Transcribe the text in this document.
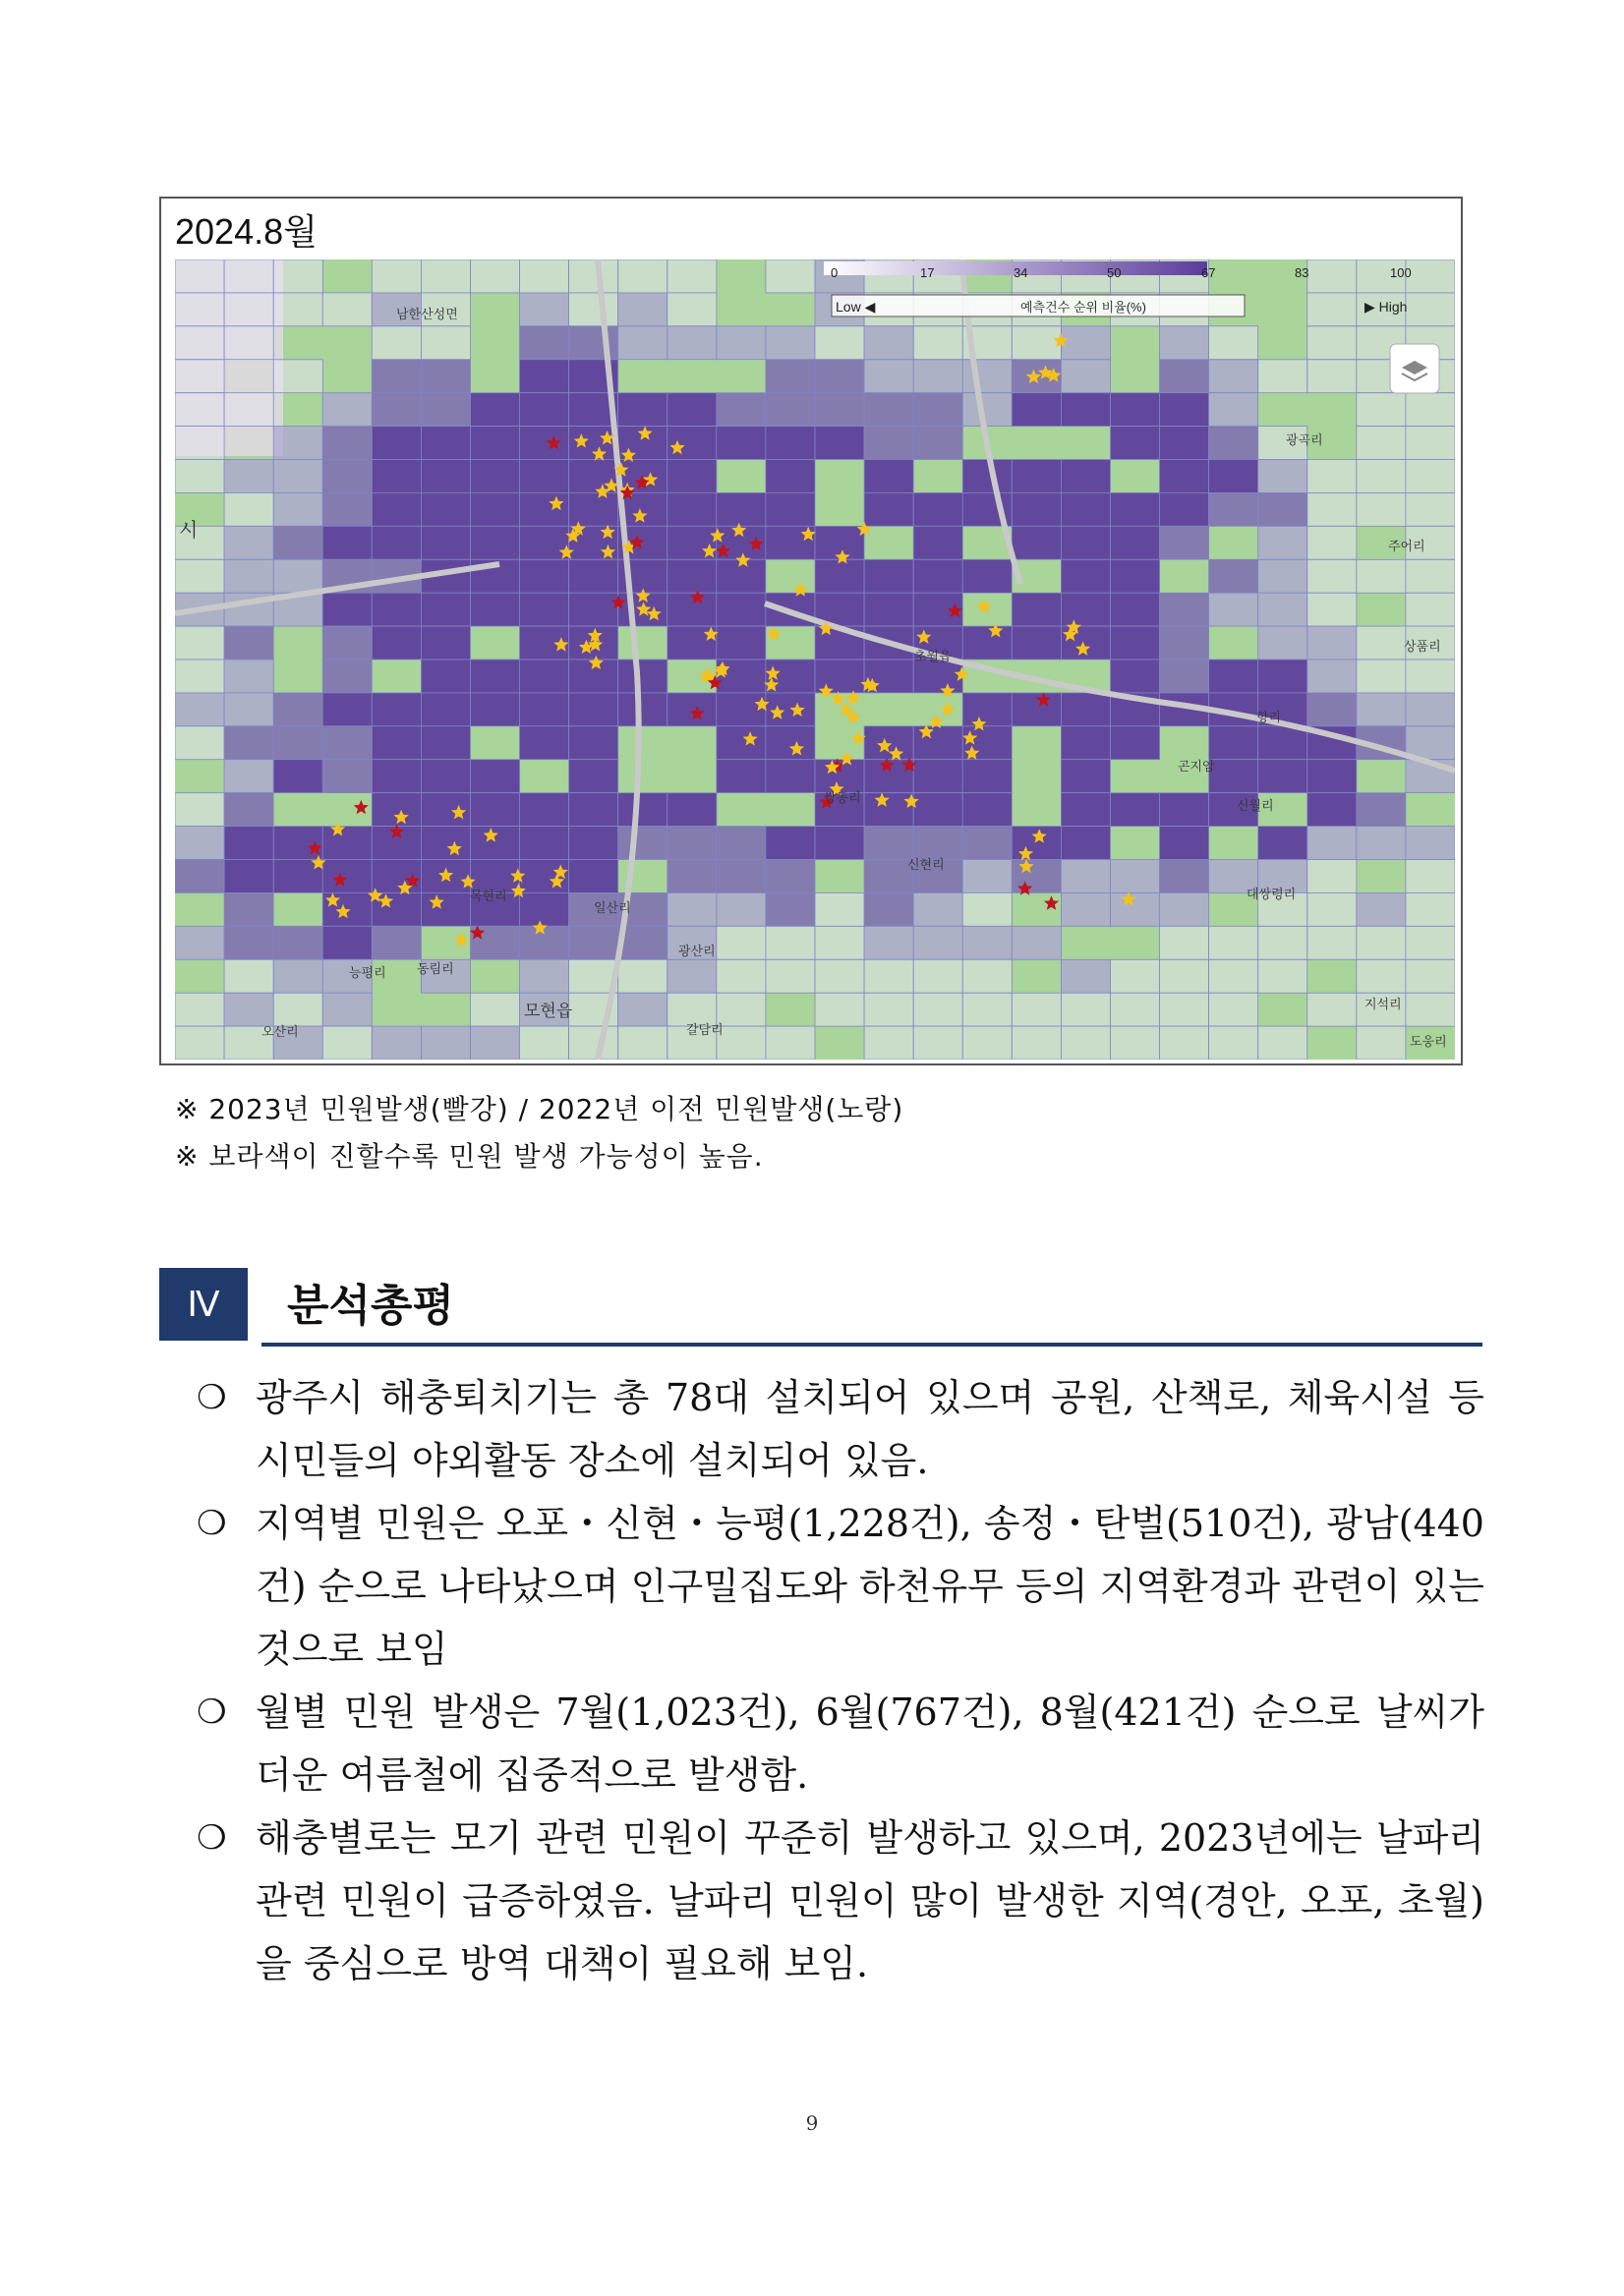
2024.8월
남한산성면
모현읍
시
초월읍
쌍동리
지석리
도웅리
광곡리
주어리
상품리
목현리
신현리
능평리 동림리
오산리
일산리
광산리
갈담리
향리
곤지암
신월리
대쌍령리
0	17	34	50	67	83	100
Low ◀	예측건수 순위 비율(%)	▶ High
※ 2023년 민원발생(빨강) / 2022년 이전 민원발생(노랑)
※ 보라색이 진할수록 민원 발생 가능성이 높음.
Ⅳ	분석총평
❍ 광주시 해충퇴치기는 총 78대 설치되어 있으며 공원, 산책로, 체육시설 등 시민들의 야외활동 장소에 설치되어 있음.
❍ 지역별 민원은 오포・신현・능평(1,228건), 송정・탄벌(510건), 광남(440건) 순으로 나타났으며 인구밀집도와 하천유무 등의 지역환경과 관련이 있는 것으로 보임
❍ 월별 민원 발생은 7월(1,023건), 6월(767건), 8월(421건) 순으로 날씨가 더운 여름철에 집중적으로 발생함.
❍ 해충별로는 모기 관련 민원이 꾸준히 발생하고 있으며, 2023년에는 날파리 관련 민원이 급증하였음. 날파리 민원이 많이 발생한 지역(경안, 오포, 초월)을 중심으로 방역 대책이 필요해 보임.
9
